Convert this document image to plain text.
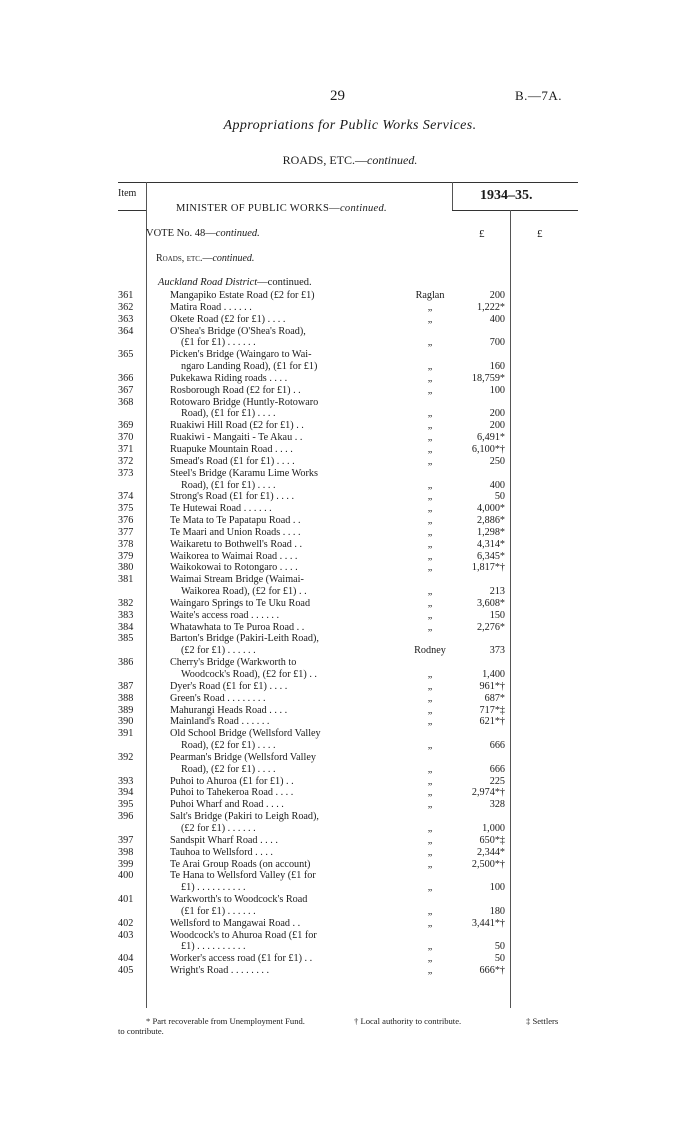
29	B.—7A.
Appropriations for Public Works Services.
ROADS, ETC.—continued.
Item	1934–35.
MINISTER OF PUBLIC WORKS—continued.
VOTE No. 48—continued.	£	£
Roads, etc.—continued.
Auckland Road District—continued.
361	Mangapiko Estate Road (£2 for £1)	Raglan	200
362	Matira Road . . . . . .	„	1,222*
363	Okete Road (£2 for £1) . . . .	„	400
364	O'Shea's Bridge (O'Shea's Road),
(£1 for £1) . . . . . .	„	700
365	Picken's Bridge (Waingaro to Wai-
ngaro Landing Road), (£1 for £1)	„	160
366	Pukekawa Riding roads . . . .	„	18,759*
367	Rosborough Road (£2 for £1) . .	„	100
368	Rotowaro Bridge (Huntly-Rotowaro
Road), (£1 for £1) . . . .	„	200
369	Ruakiwi Hill Road (£2 for £1) . .	„	200
370	Ruakiwi - Mangaiti - Te Akau . .	„	6,491*
371	Ruapuke Mountain Road . . . .	„	6,100*†
372	Smead's Road (£1 for £1) . . . .	„	250
373	Steel's Bridge (Karamu Lime Works
Road), (£1 for £1) . . . .	„	400
374	Strong's Road (£1 for £1) . . . .	„	50
375	Te Hutewai Road . . . . . .	„	4,000*
376	Te Mata to Te Papatapu Road . .	„	2,886*
377	Te Maari and Union Roads . . . .	„	1,298*
378	Waikaretu to Bothwell's Road . .	„	4,314*
379	Waikorea to Waimai Road . . . .	„	6,345*
380	Waikokowai to Rotongaro . . . .	„	1,817*†
381	Waimai Stream Bridge (Waimai-
Waikorea Road), (£2 for £1) . .	„	213
382	Waingaro Springs to Te Uku Road	„	3,608*
383	Waite's access road . . . . . .	„	150
384	Whatawhata to Te Puroa Road . .	„	2,276*
385	Barton's Bridge (Pakiri-Leith Road),
(£2 for £1) . . . . . .	Rodney	373
386	Cherry's Bridge (Warkworth to
Woodcock's Road), (£2 for £1) . .	„	1,400
387	Dyer's Road (£1 for £1) . . . .	„	961*†
388	Green's Road . . . . . . . .	„	687*
389	Mahurangi Heads Road . . . .	„	717*‡
390	Mainland's Road . . . . . .	„	621*†
391	Old School Bridge (Wellsford Valley
Road), (£2 for £1) . . . .	„	666
392	Pearman's Bridge (Wellsford Valley
Road), (£2 for £1) . . . .	„	666
393	Puhoi to Ahuroa (£1 for £1) . .	„	225
394	Puhoi to Tahekeroa Road . . . .	„	2,974*†
395	Puhoi Wharf and Road . . . .	„	328
396	Salt's Bridge (Pakiri to Leigh Road),
(£2 for £1) . . . . . .	„	1,000
397	Sandspit Wharf Road . . . .	„	650*‡
398	Tauhoa to Wellsford . . . .	„	2,344*
399	Te Arai Group Roads (on account)	„	2,500*†
400	Te Hana to Wellsford Valley (£1 for
£1) . . . . . . . . . .	„	100
401	Warkworth's to Woodcock's Road
(£1 for £1) . . . . . .	„	180
402	Wellsford to Mangawai Road . .	„	3,441*†
403	Woodcock's to Ahuroa Road (£1 for
£1) . . . . . . . . . .	„	50
404	Worker's access road (£1 for £1) . .	„	50
405	Wright's Road . . . . . . . .	„	666*†
* Part recoverable from Unemployment Fund.	† Local authority to contribute.	‡ Settlers
to contribute.
